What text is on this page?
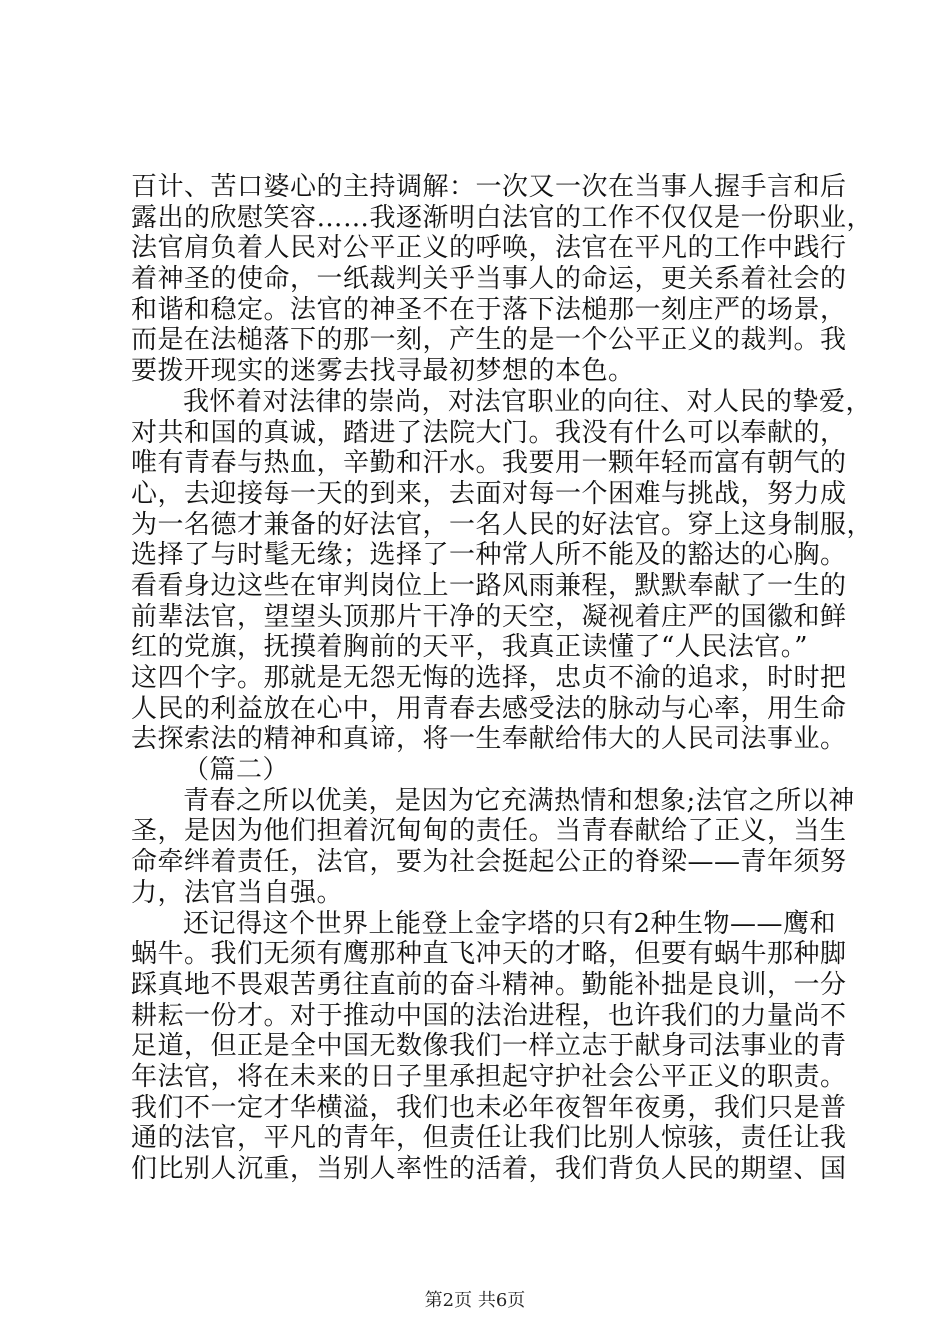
百计、苦口婆心的主持调解：一次又一次在当事人握手言和后
露出的欣慰笑容……我逐渐明白法官的工作不仅仅是一份职业，
法官肩负着人民对公平正义的呼唤，法官在平凡的工作中践行
着神圣的使命，一纸裁判关乎当事人的命运，更关系着社会的
和谐和稳定。法官的神圣不在于落下法槌那一刻庄严的场景，
而是在法槌落下的那一刻，产生的是一个公平正义的裁判。我
要拨开现实的迷雾去找寻最初梦想的本色。
我怀着对法律的崇尚，对法官职业的向往、对人民的挚爱，
对共和国的真诚，踏进了法院大门。我没有什么可以奉献的，
唯有青春与热血，辛勤和汗水。我要用一颗年轻而富有朝气的
心，去迎接每一天的到来，去面对每一个困难与挑战，努力成
为一名德才兼备的好法官，一名人民的好法官。穿上这身制服，
选择了与时髦无缘；选择了一种常人所不能及的豁达的心胸。
看看身边这些在审判岗位上一路风雨兼程，默默奉献了一生的
前辈法官，望望头顶那片干净的天空，凝视着庄严的国徽和鲜
红的党旗，抚摸着胸前的天平，我真正读懂了“人民法官。”
这四个字。那就是无怨无悔的选择，忠贞不渝的追求，时时把
人民的利益放在心中，用青春去感受法的脉动与心率，用生命
去探索法的精神和真谛，将一生奉献给伟大的人民司法事业。
（篇二）
青春之所以优美，是因为它充满热情和想象;法官之所以神
圣，是因为他们担着沉甸甸的责任。当青春献给了正义，当生
命牵绊着责任，法官，要为社会挺起公正的脊梁——青年须努
力，法官当自强。
还记得这个世界上能登上金字塔的只有2种生物——鹰和
蜗牛。我们无须有鹰那种直飞冲天的才略，但要有蜗牛那种脚
踩真地不畏艰苦勇往直前的奋斗精神。勤能补拙是良训，一分
耕耘一份才。对于推动中国的法治进程，也许我们的力量尚不
足道，但正是全中国无数像我们一样立志于献身司法事业的青
年法官，将在未来的日子里承担起守护社会公平正义的职责。
我们不一定才华横溢，我们也未必年夜智年夜勇，我们只是普
通的法官，平凡的青年，但责任让我们比别人惊骇，责任让我
们比别人沉重，当别人率性的活着，我们背负人民的期望、国
第2页 共6页
